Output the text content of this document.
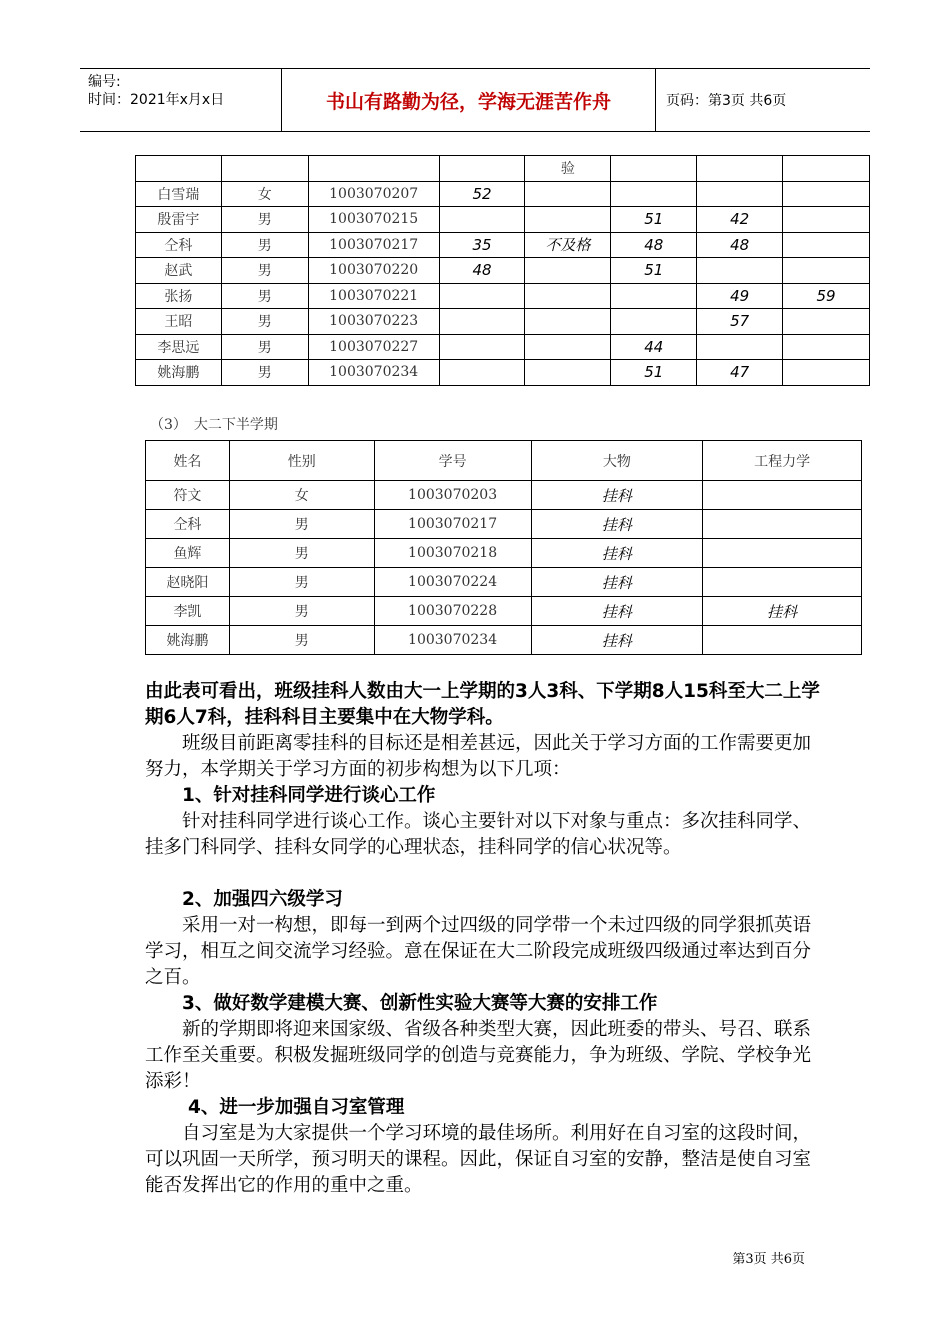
编号:
时间：2021年x月x日	书山有路勤为径，学海无涯苦作舟	页码：第3页 共6页
				验			
白雪瑞	女	1003070207	52				
殷雷宇	男	1003070215			51	42	
仝科	男	1003070217	35	不及格	48	48	
赵武	男	1003070220	48		51		
张扬	男	1003070221				49	59
王昭	男	1003070223				57	
李思远	男	1003070227			44		
姚海鹏	男	1003070234			51	47	
（3）　大二下半学期
姓名	性别	学号	大物	工程力学
符文	女	1003070203	挂科	
仝科	男	1003070217	挂科	
鱼辉	男	1003070218	挂科	
赵晓阳	男	1003070224	挂科	
李凯	男	1003070228	挂科	挂科
姚海鹏	男	1003070234	挂科	

由此表可看出，班级挂科人数由大一上学期的3人3科、下学期8人15科至大二上学期6人7科，挂科科目主要集中在大物学科。

班级目前距离零挂科的目标还是相差甚远，因此关于学习方面的工作需要更加努力，本学期关于学习方面的初步构想为以下几项：

1、针对挂科同学进行谈心工作

针对挂科同学进行谈心工作。谈心主要针对以下对象与重点：多次挂科同学、挂多门科同学、挂科女同学的心理状态，挂科同学的信心状况等。

2、加强四六级学习

采用一对一构想，即每一到两个过四级的同学带一个未过四级的同学狠抓英语学习，相互之间交流学习经验。意在保证在大二阶段完成班级四级通过率达到百分之百。

3、做好数学建模大赛、创新性实验大赛等大赛的安排工作

新的学期即将迎来国家级、省级各种类型大赛，因此班委的带头、号召、联系工作至关重要。积极发掘班级同学的创造与竞赛能力，争为班级、学院、学校争光添彩！

4、进一步加强自习室管理

自习室是为大家提供一个学习环境的最佳场所。利用好在自习室的这段时间，可以巩固一天所学，预习明天的课程。因此，保证自习室的安静，整洁是使自习室能否发挥出它的作用的重中之重。

第3页 共6页
